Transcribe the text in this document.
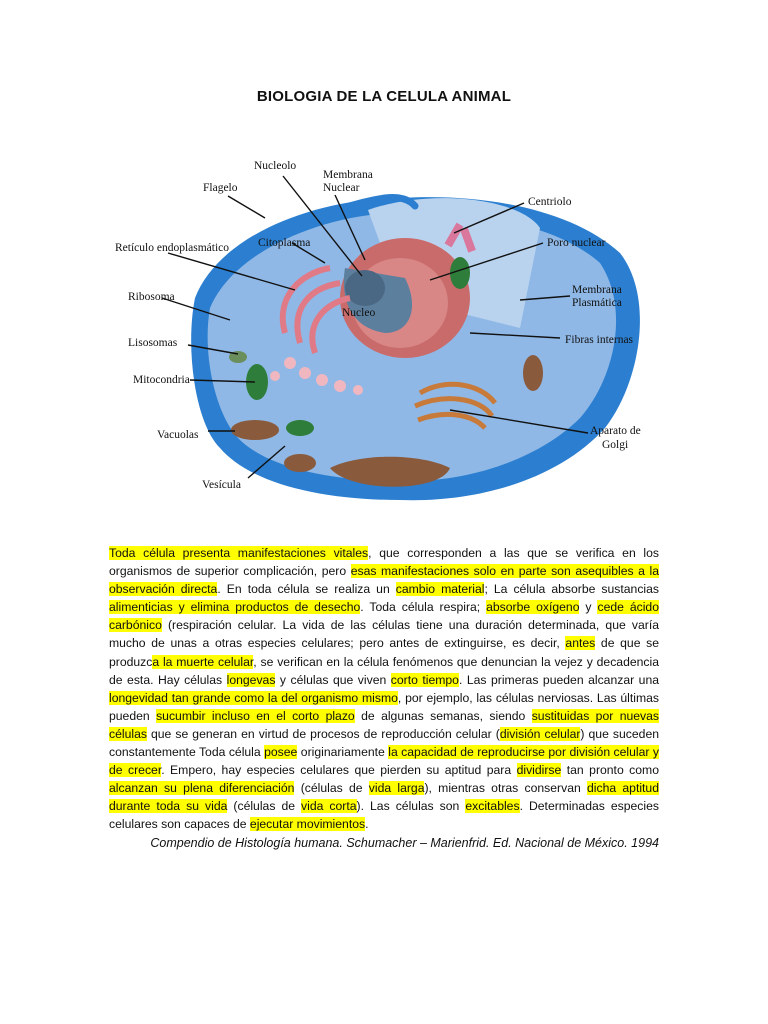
BIOLOGIA DE LA CELULA ANIMAL
Flagelo
Nucleolo
Membrana
Nuclear
Centriolo
Retículo endoplasmático	Citoplasma	Poro nuclear
Ribosoma
Membrana
Plasmática
Nucleo
Lisosomas	Fibras internas
Mitocondria
Aparato de
Golgi
Vacuolas
Vesícula

Toda célula presenta manifestaciones vitales, que corresponden a las que se verifica en los organismos de superior complicación, pero esas manifestaciones solo en parte son asequibles a la observación directa. En toda célula se realiza un cambio material; La célula absorbe sustancias alimenticias y elimina productos de desecho. Toda célula respira; absorbe oxígeno y cede ácido carbónico (respiración celular. La vida de las células tiene una duración determinada, que varía mucho de unas a otras especies celulares; pero antes de extinguirse, es decir, antes de que se produzca la muerte celular, se verifican en la célula fenómenos que denuncian la vejez y decadencia de esta. Hay células longevas y células que viven corto tiempo. Las primeras pueden alcanzar una longevidad tan grande como la del organismo mismo, por ejemplo, las células nerviosas. Las últimas pueden sucumbir incluso en el corto plazo de algunas semanas, siendo sustituidas por nuevas células que se generan en virtud de procesos de reproducción celular (división celular) que suceden constantemente Toda célula posee originariamente la capacidad de reproducirse por división celular y de crecer. Empero, hay especies celulares que pierden su aptitud para dividirse tan pronto como alcanzan su plena diferenciación (células de vida larga), mientras otras conservan dicha aptitud durante toda su vida (células de vida corta). Las células son excitables. Determinadas especies celulares son capaces de ejecutar movimientos.

Compendio de Histología humana. Schumacher – Marienfrid. Ed. Nacional de México. 1994
